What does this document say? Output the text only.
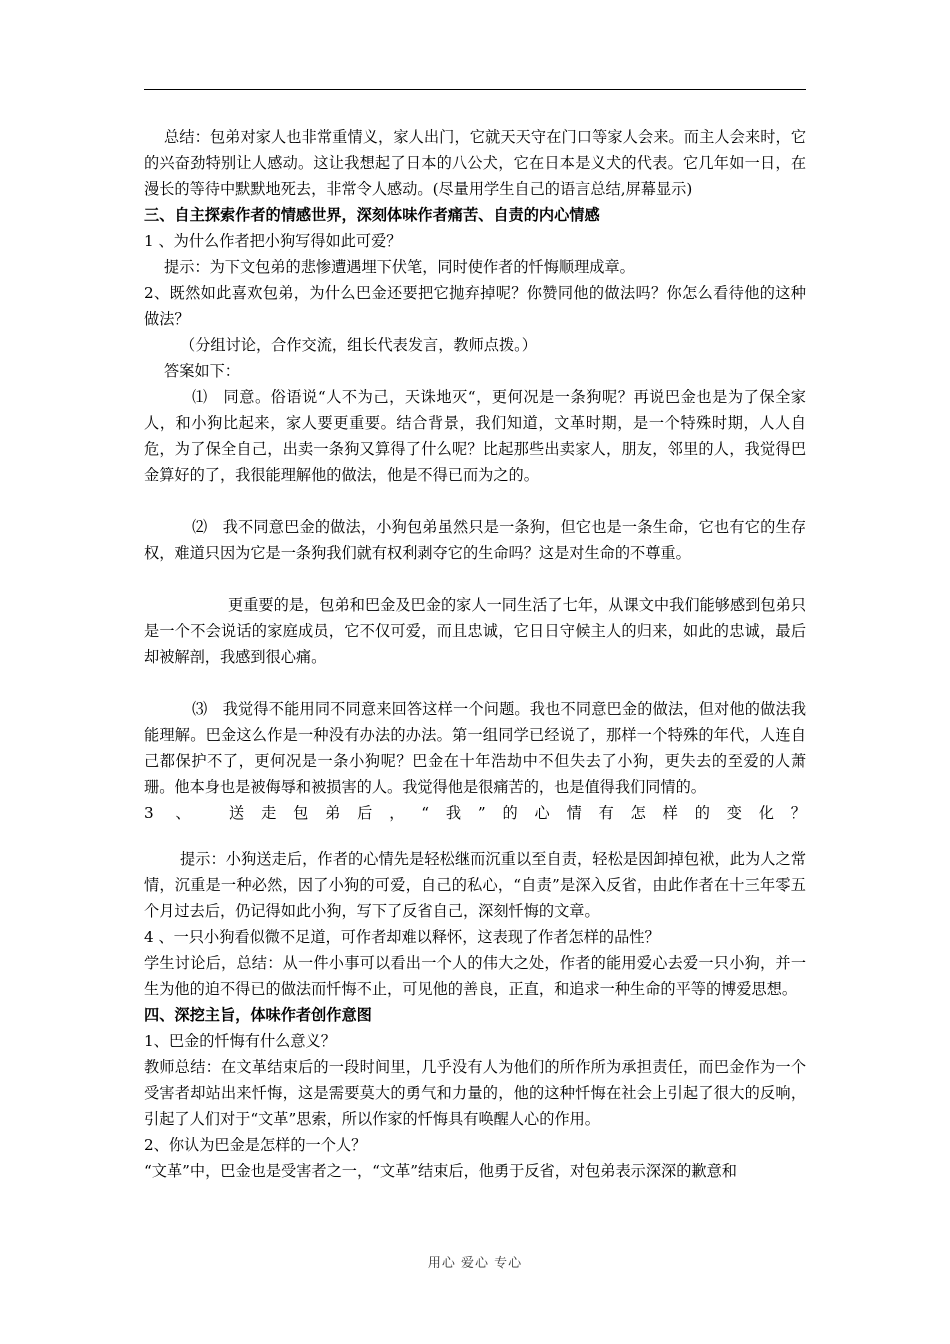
总结：包弟对家人也非常重情义，家人出门，它就天天守在门口等家人会来。而主人会来时，它的兴奋劲特别让人感动。这让我想起了日本的八公犬，它在日本是义犬的代表。它几年如一日，在漫长的等待中默默地死去，非常令人感动。(尽量用学生自己的语言总结,屏幕显示)

三、自主探索作者的情感世界，深刻体味作者痛苦、自责的内心情感

1 、为什么作者把小狗写得如此可爱？

提示：为下文包弟的悲惨遭遇埋下伏笔，同时使作者的忏悔顺理成章。

2、既然如此喜欢包弟，为什么巴金还要把它抛弃掉呢？你赞同他的做法吗？你怎么看待他的这种做法？

（分组讨论，合作交流，组长代表发言，教师点拨。）

答案如下：

⑴　同意。俗语说“人不为己，天诛地灭“，更何况是一条狗呢？再说巴金也是为了保全家人，和小狗比起来，家人要更重要。结合背景，我们知道，文革时期，是一个特殊时期，人人自危，为了保全自己，出卖一条狗又算得了什么呢？比起那些出卖家人，朋友，邻里的人，我觉得巴金算好的了，我很能理解他的做法，他是不得已而为之的。

⑵　我不同意巴金的做法，小狗包弟虽然只是一条狗，但它也是一条生命，它也有它的生存权，难道只因为它是一条狗我们就有权利剥夺它的生命吗？这是对生命的不尊重。

更重要的是，包弟和巴金及巴金的家人一同生活了七年，从课文中我们能够感到包弟只是一个不会说话的家庭成员，它不仅可爱，而且忠诚，它日日守候主人的归来，如此的忠诚，最后却被解剖，我感到很心痛。

⑶　我觉得不能用同不同意来回答这样一个问题。我也不同意巴金的做法，但对他的做法我能理解。巴金这么作是一种没有办法的办法。第一组同学已经说了，那样一个特殊的年代，人连自己都保护不了，更何况是一条小狗呢？巴金在十年浩劫中不但失去了小狗，更失去的至爱的人萧珊。他本身也是被侮辱和被损害的人。我觉得他是很痛苦的，也是值得我们同情的。

3 、 送走包弟后，“我”的心情有怎样的变化？

提示：小狗送走后，作者的心情先是轻松继而沉重以至自责，轻松是因卸掉包袱，此为人之常情，沉重是一种必然，因了小狗的可爱，自己的私心，“自责”是深入反省，由此作者在十三年零五个月过去后，仍记得如此小狗，写下了反省自己，深刻忏悔的文章。

4 、一只小狗看似微不足道，可作者却难以释怀，这表现了作者怎样的品性？

学生讨论后，总结：从一件小事可以看出一个人的伟大之处，作者的能用爱心去爱一只小狗，并一生为他的迫不得已的做法而忏悔不止，可见他的善良，正直，和追求一种生命的平等的博爱思想。

四、深挖主旨，体味作者创作意图

1、巴金的忏悔有什么意义？

教师总结：在文革结束后的一段时间里，几乎没有人为他们的所作所为承担责任，而巴金作为一个受害者却站出来忏悔，这是需要莫大的勇气和力量的，他的这种忏悔在社会上引起了很大的反响，引起了人们对于“文革”思索，所以作家的忏悔具有唤醒人心的作用。

2、你认为巴金是怎样的一个人？

“文革”中，巴金也是受害者之一，“文革”结束后，他勇于反省，对包弟表示深深的歉意和

用心 爱心 专心
